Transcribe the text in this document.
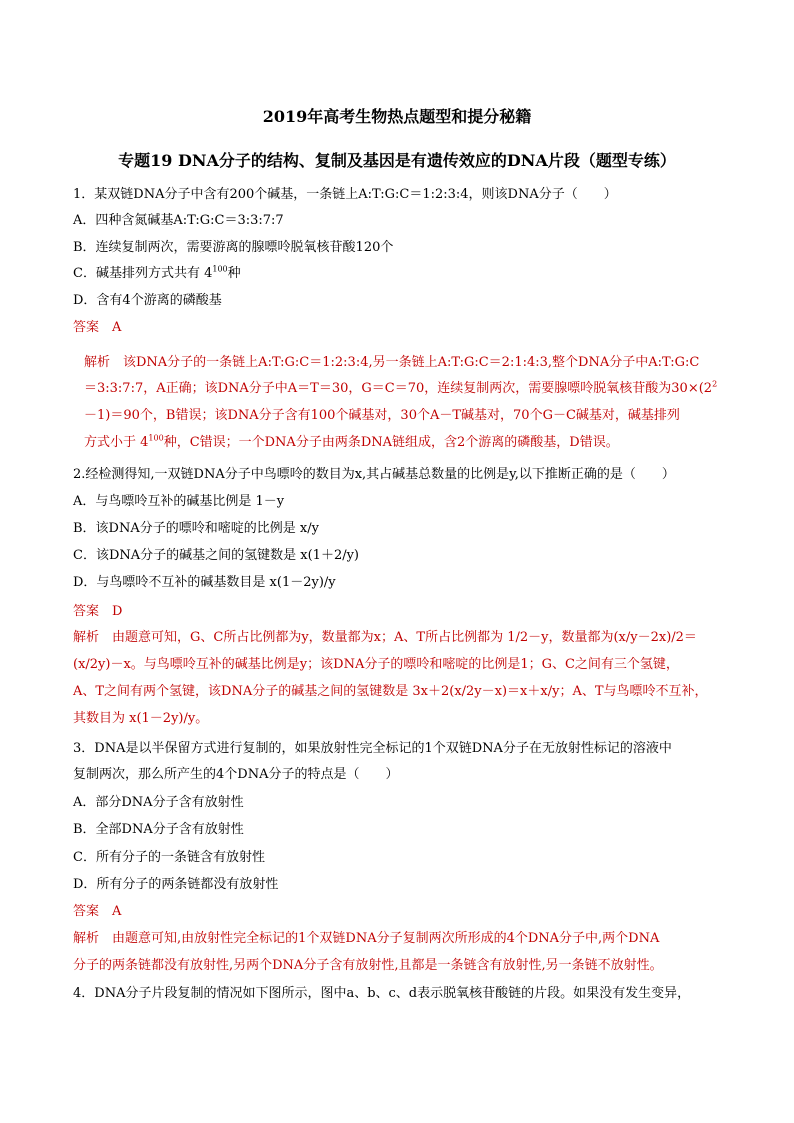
2019年高考生物热点题型和提分秘籍
专题19 DNA分子的结构、复制及基因是有遗传效应的DNA片段（题型专练）
1．某双链DNA分子中含有200个碱基，一条链上A:T:G:C＝1:2:3:4，则该DNA分子（　　）
A．四种含氮碱基A:T:G:C＝3:3:7:7
B．连续复制两次，需要游离的腺嘌呤脱氧核苷酸120个
C．碱基排列方式共有 $4^{100}$种
D．含有4个游离的磷酸基
答案　A
解析　该DNA分子的一条链上A:T:G:C＝1:2:3:4,另一条链上A:T:G:C＝2:1:4:3,整个DNA分子中A:T:G:C
＝3:3:7:7，A正确；该DNA分子中A＝T＝30，G＝C＝70，连续复制两次，需要腺嘌呤脱氧核苷酸为$30\times(2^2$
－1)＝90个，B错误；该DNA分子含有100个碱基对，30个A－T碱基对，70个G－C碱基对，碱基排列
方式小于 $4^{100}$种，C错误；一个DNA分子由两条DNA链组成，含2个游离的磷酸基，D错误。
2.经检测得知,一双链DNA分子中鸟嘌呤的数目为x,其占碱基总数量的比例是y,以下推断正确的是（　　）
A．与鸟嘌呤互补的碱基比例是 1－y
B．该DNA分子的嘌呤和嘧啶的比例是 x/y
C．该DNA分子的碱基之间的氢键数是 x(1＋2/y)
D．与鸟嘌呤不互补的碱基数目是 x(1－2y)/y
答案　D
解析　由题意可知，G、C所占比例都为y，数量都为x；A、T所占比例都为 1/2－y，数量都为(x/y－2x)/2＝
(x/2y)－x。与鸟嘌呤互补的碱基比例是y；该DNA分子的嘌呤和嘧啶的比例是1；G、C之间有三个氢键，
A、T之间有两个氢键，该DNA分子的碱基之间的氢键数是 3x＋2(x/2y－x)＝x＋x/y；A、T与鸟嘌呤不互补，
其数目为 x(1－2y)/y。
3．DNA是以半保留方式进行复制的，如果放射性完全标记的1个双链DNA分子在无放射性标记的溶液中
复制两次，那么所产生的4个DNA分子的特点是（　　）
A．部分DNA分子含有放射性
B．全部DNA分子含有放射性
C．所有分子的一条链含有放射性
D．所有分子的两条链都没有放射性
答案　A
解析　由题意可知,由放射性完全标记的1个双链DNA分子复制两次所形成的4个DNA分子中,两个DNA
分子的两条链都没有放射性,另两个DNA分子含有放射性,且都是一条链含有放射性,另一条链不放射性。
4．DNA分子片段复制的情况如下图所示，图中a、b、c、d表示脱氧核苷酸链的片段。如果没有发生变异，
